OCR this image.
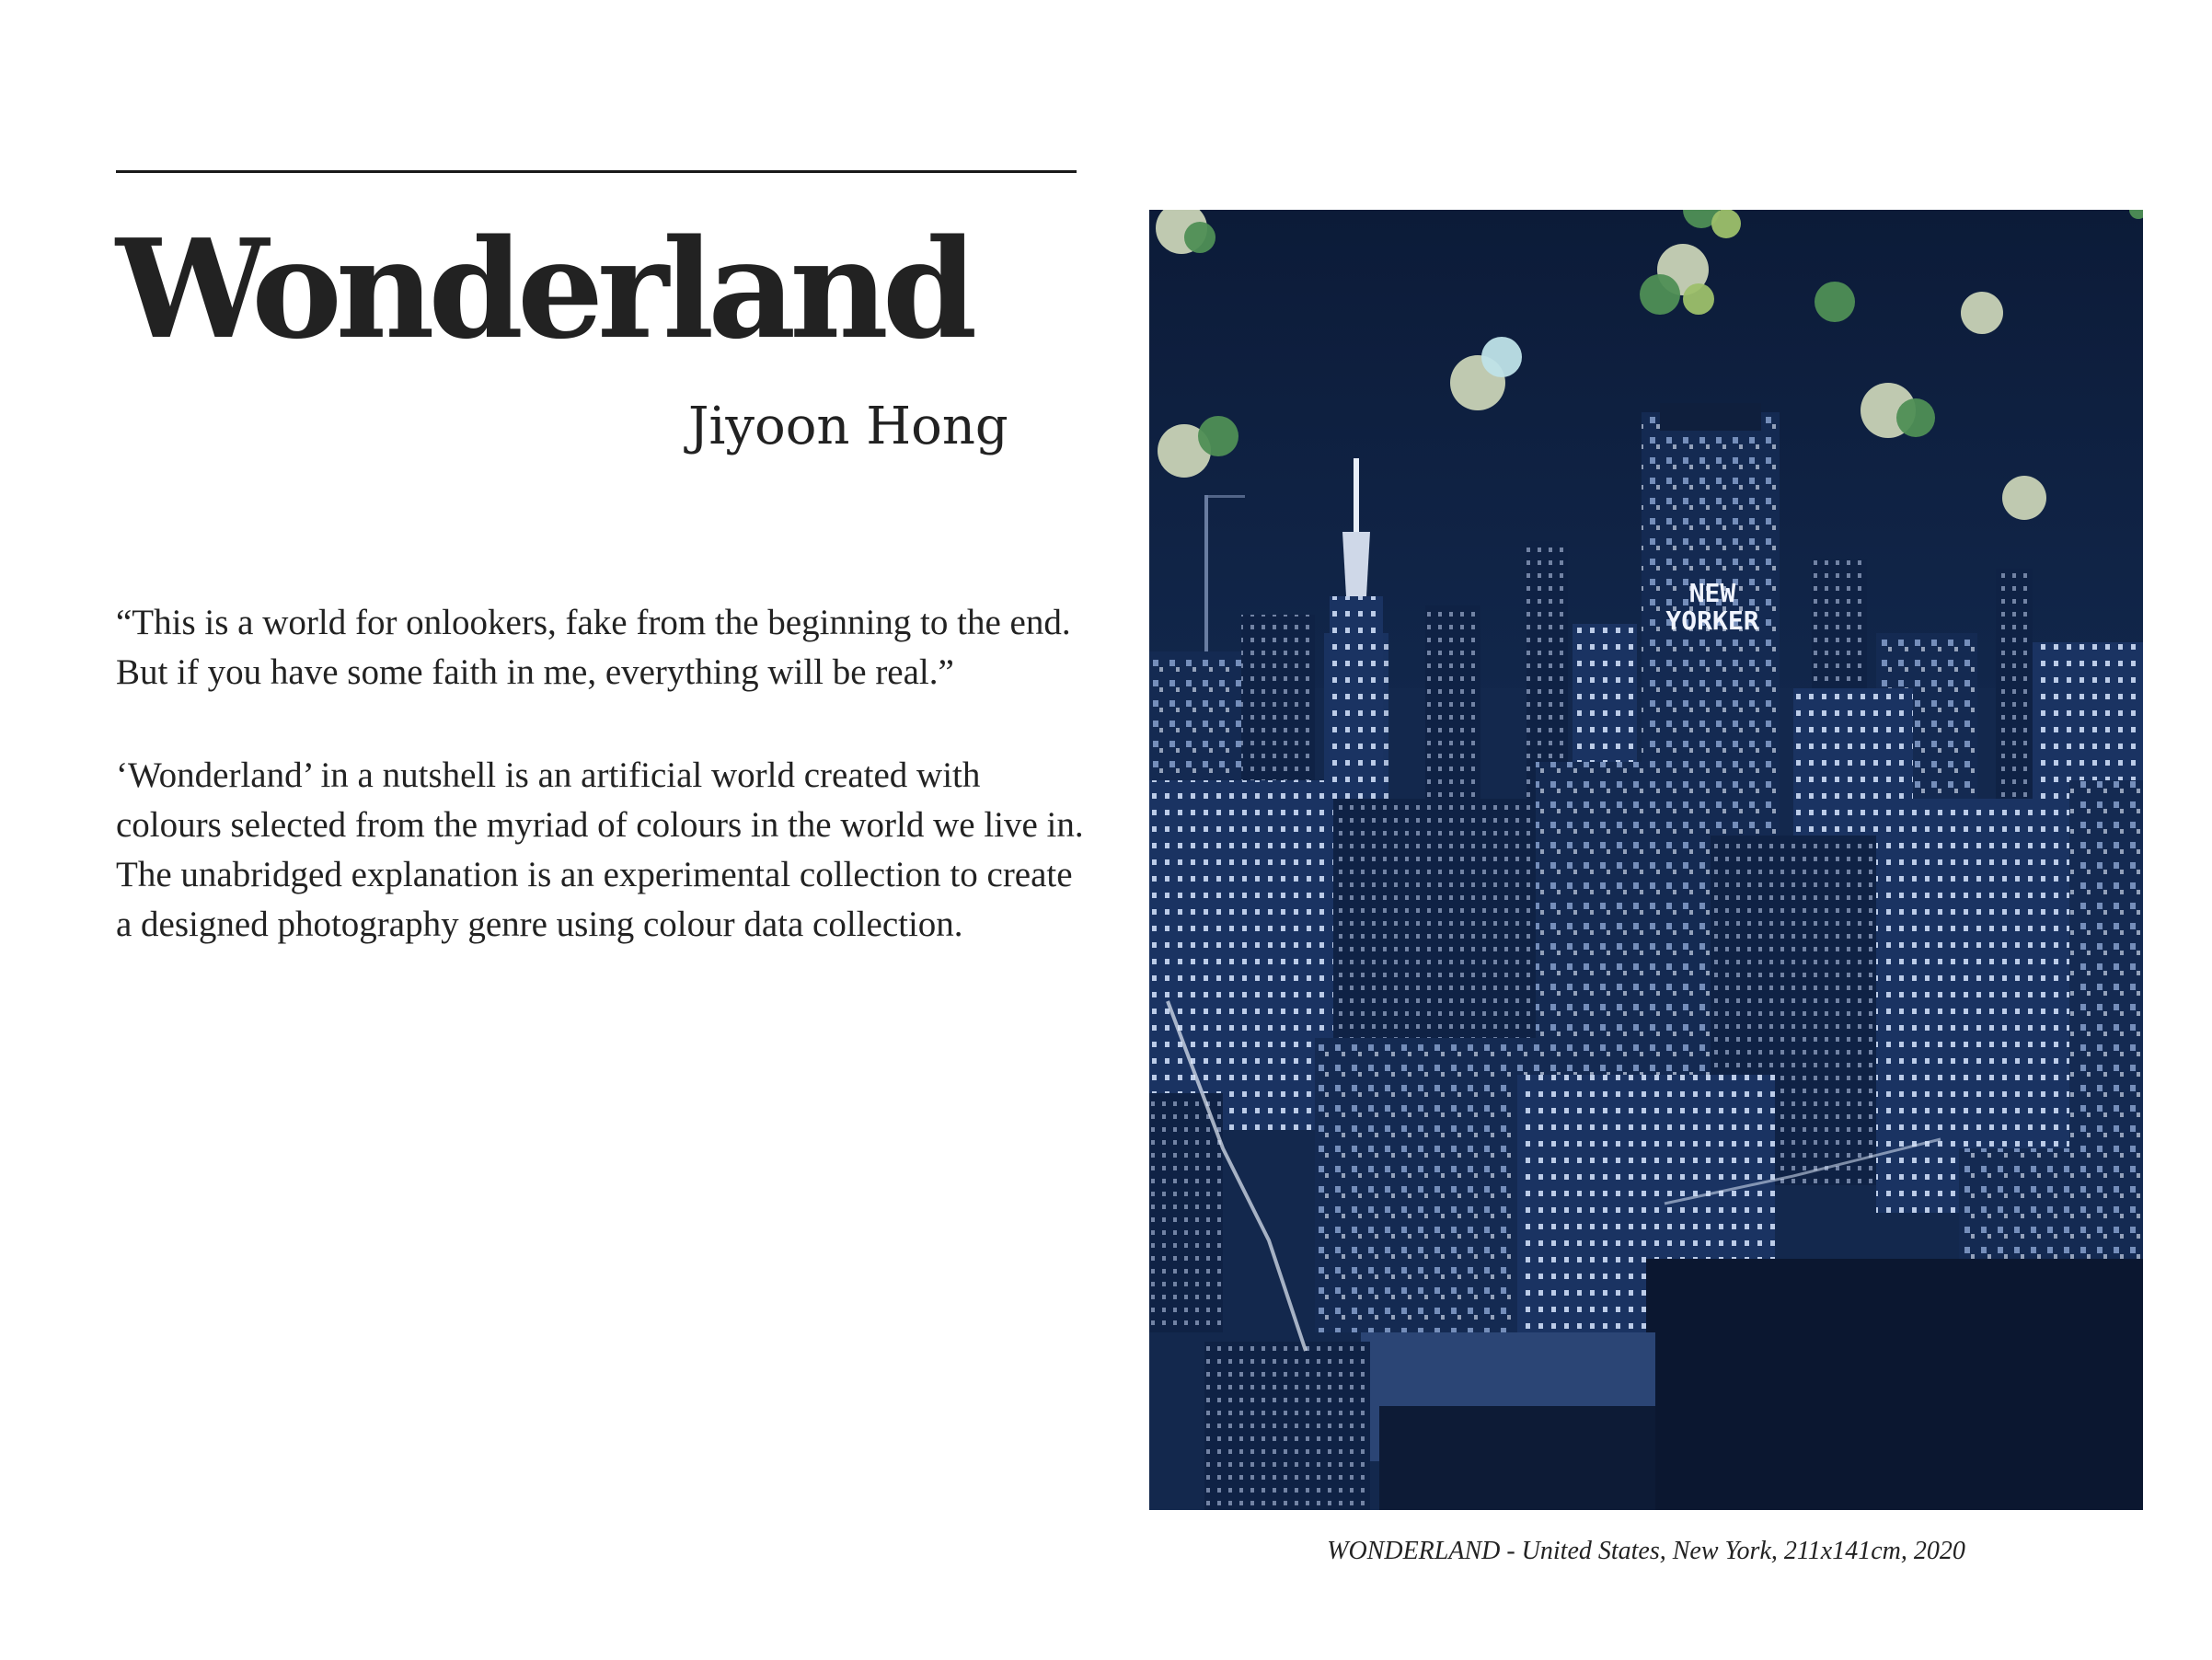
Wonderland

Jiyoon Hong

“This is a world for onlookers, fake from the beginning to the end. But if you have some faith in me, everything will be real.”

‘Wonderland’ in a nutshell is an artificial world created with colours selected from the myriad of colours in the world we live in. The unabridged explanation is an experimental collection to create a designed photography genre using colour data collection.

NEW
YORKER

WONDERLAND - United States, New York, 211x141cm, 2020
